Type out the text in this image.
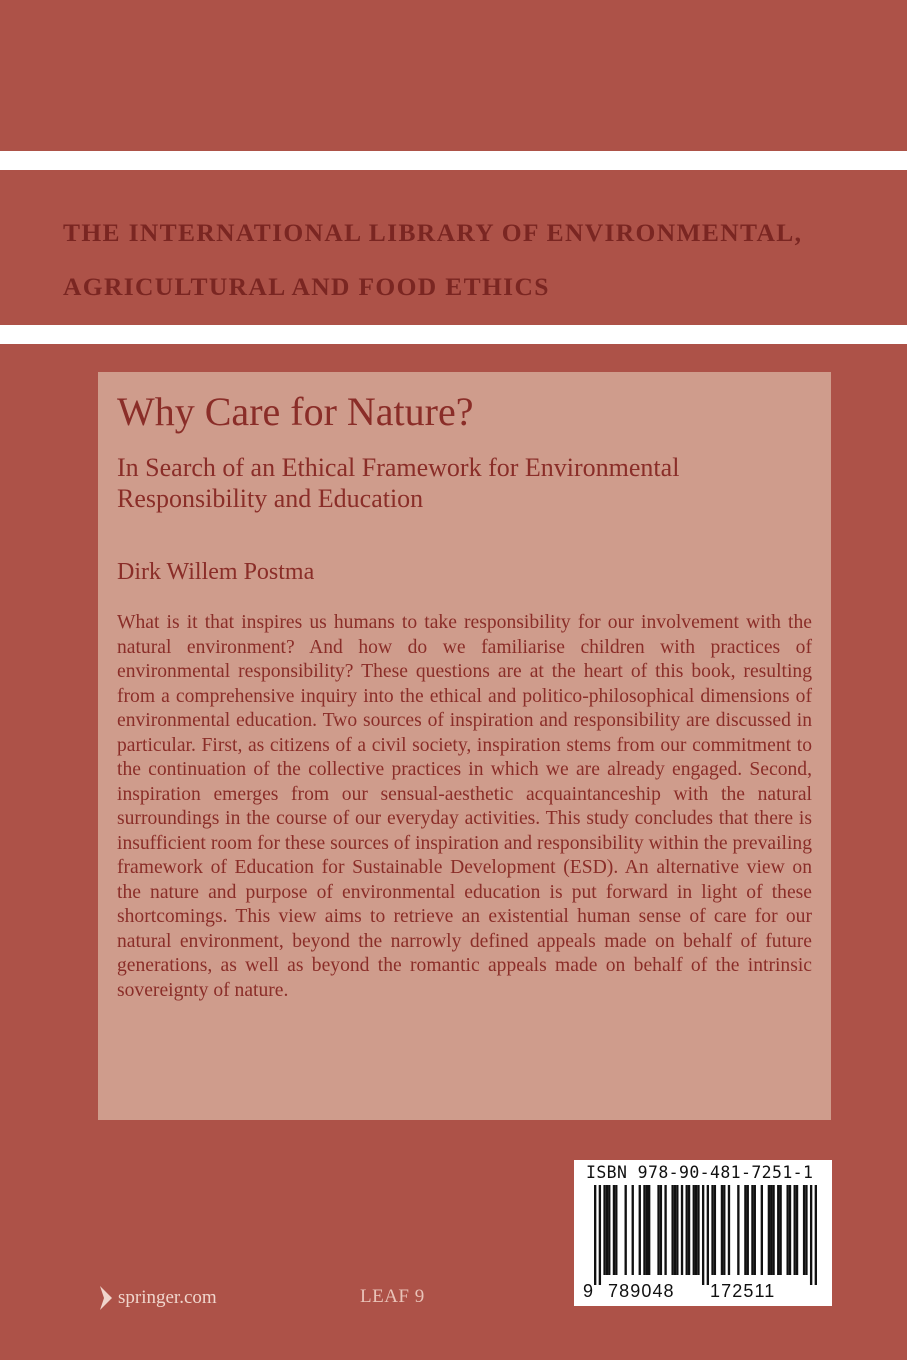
THE INTERNATIONAL LIBRARY OF ENVIRONMENTAL,
AGRICULTURAL AND FOOD ETHICS
Why Care for Nature?

In Search of an Ethical Framework for Environmental Responsibility and Education

Dirk Willem Postma

What is it that inspires us humans to take responsibility for our involvement with the natural environment? And how do we familiarise children with practices of environmental responsibility? These questions are at the heart of this book, resulting from a comprehensive inquiry into the ethical and politico-philosophical dimensions of environmental education. Two sources of inspiration and responsibility are discussed in particular. First, as citizens of a civil society, inspiration stems from our commitment to the continuation of the collective practices in which we are already engaged. Second, inspiration emerges from our sensual-aesthetic acquaintanceship with the natural surroundings in the course of our everyday activities. This study concludes that there is insufficient room for these sources of inspiration and responsibility within the prevailing framework of Education for Sustainable Development (ESD). An alternative view on the nature and purpose of environmental education is put forward in light of these shortcomings. This view aims to retrieve an existential human sense of care for our natural environment, beyond the narrowly defined appeals made on behalf of future generations, as well as beyond the romantic appeals made on behalf of the intrinsic sovereignty of nature.

springer.com	LEAF 9
ISBN 978-90-481-7251-1
9 789048 172511
